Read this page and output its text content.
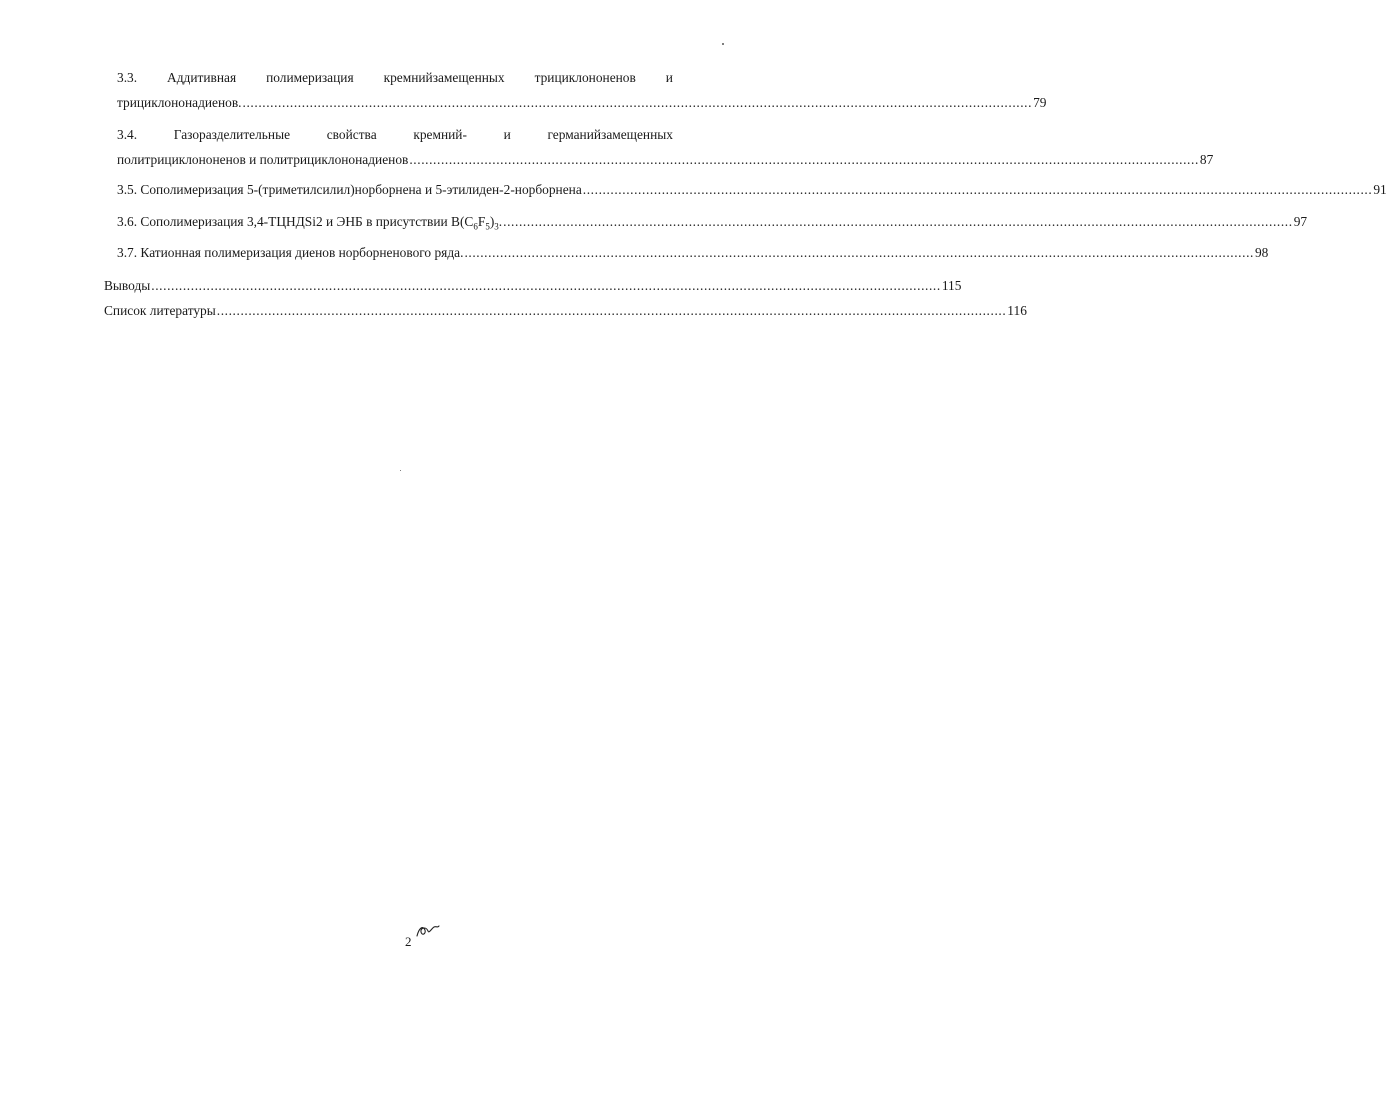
3.3. Аддитивная полимеризация кремнийзамещенных трициклононенов и
трициклононадиенов. ........................................................................................................................................................................................................ 79
3.4.	Газоразделительные	свойства	кремний-	и	германийзамещенных
политрициклононенов и политрициклононадиенов ........................................................................................................................................................................................................ 87
3.5. Сополимеризация 5-(триметилсилил)норборнена и 5-этилиден-2-норборнена ........................................................................................................................................................................................................ 91
3.6. Сополимеризация 3,4-ТЦНДSi2 и ЭНБ в присутствии $B(C_6F_5)_3$. ........................................................................................................................................................................................................ 97
3.7. Катионная полимеризация диенов норборненового ряда. ........................................................................................................................................................................................................ 98
Выводы ........................................................................................................................................................................................................ 115
Список литературы ........................................................................................................................................................................................................ 116
2
